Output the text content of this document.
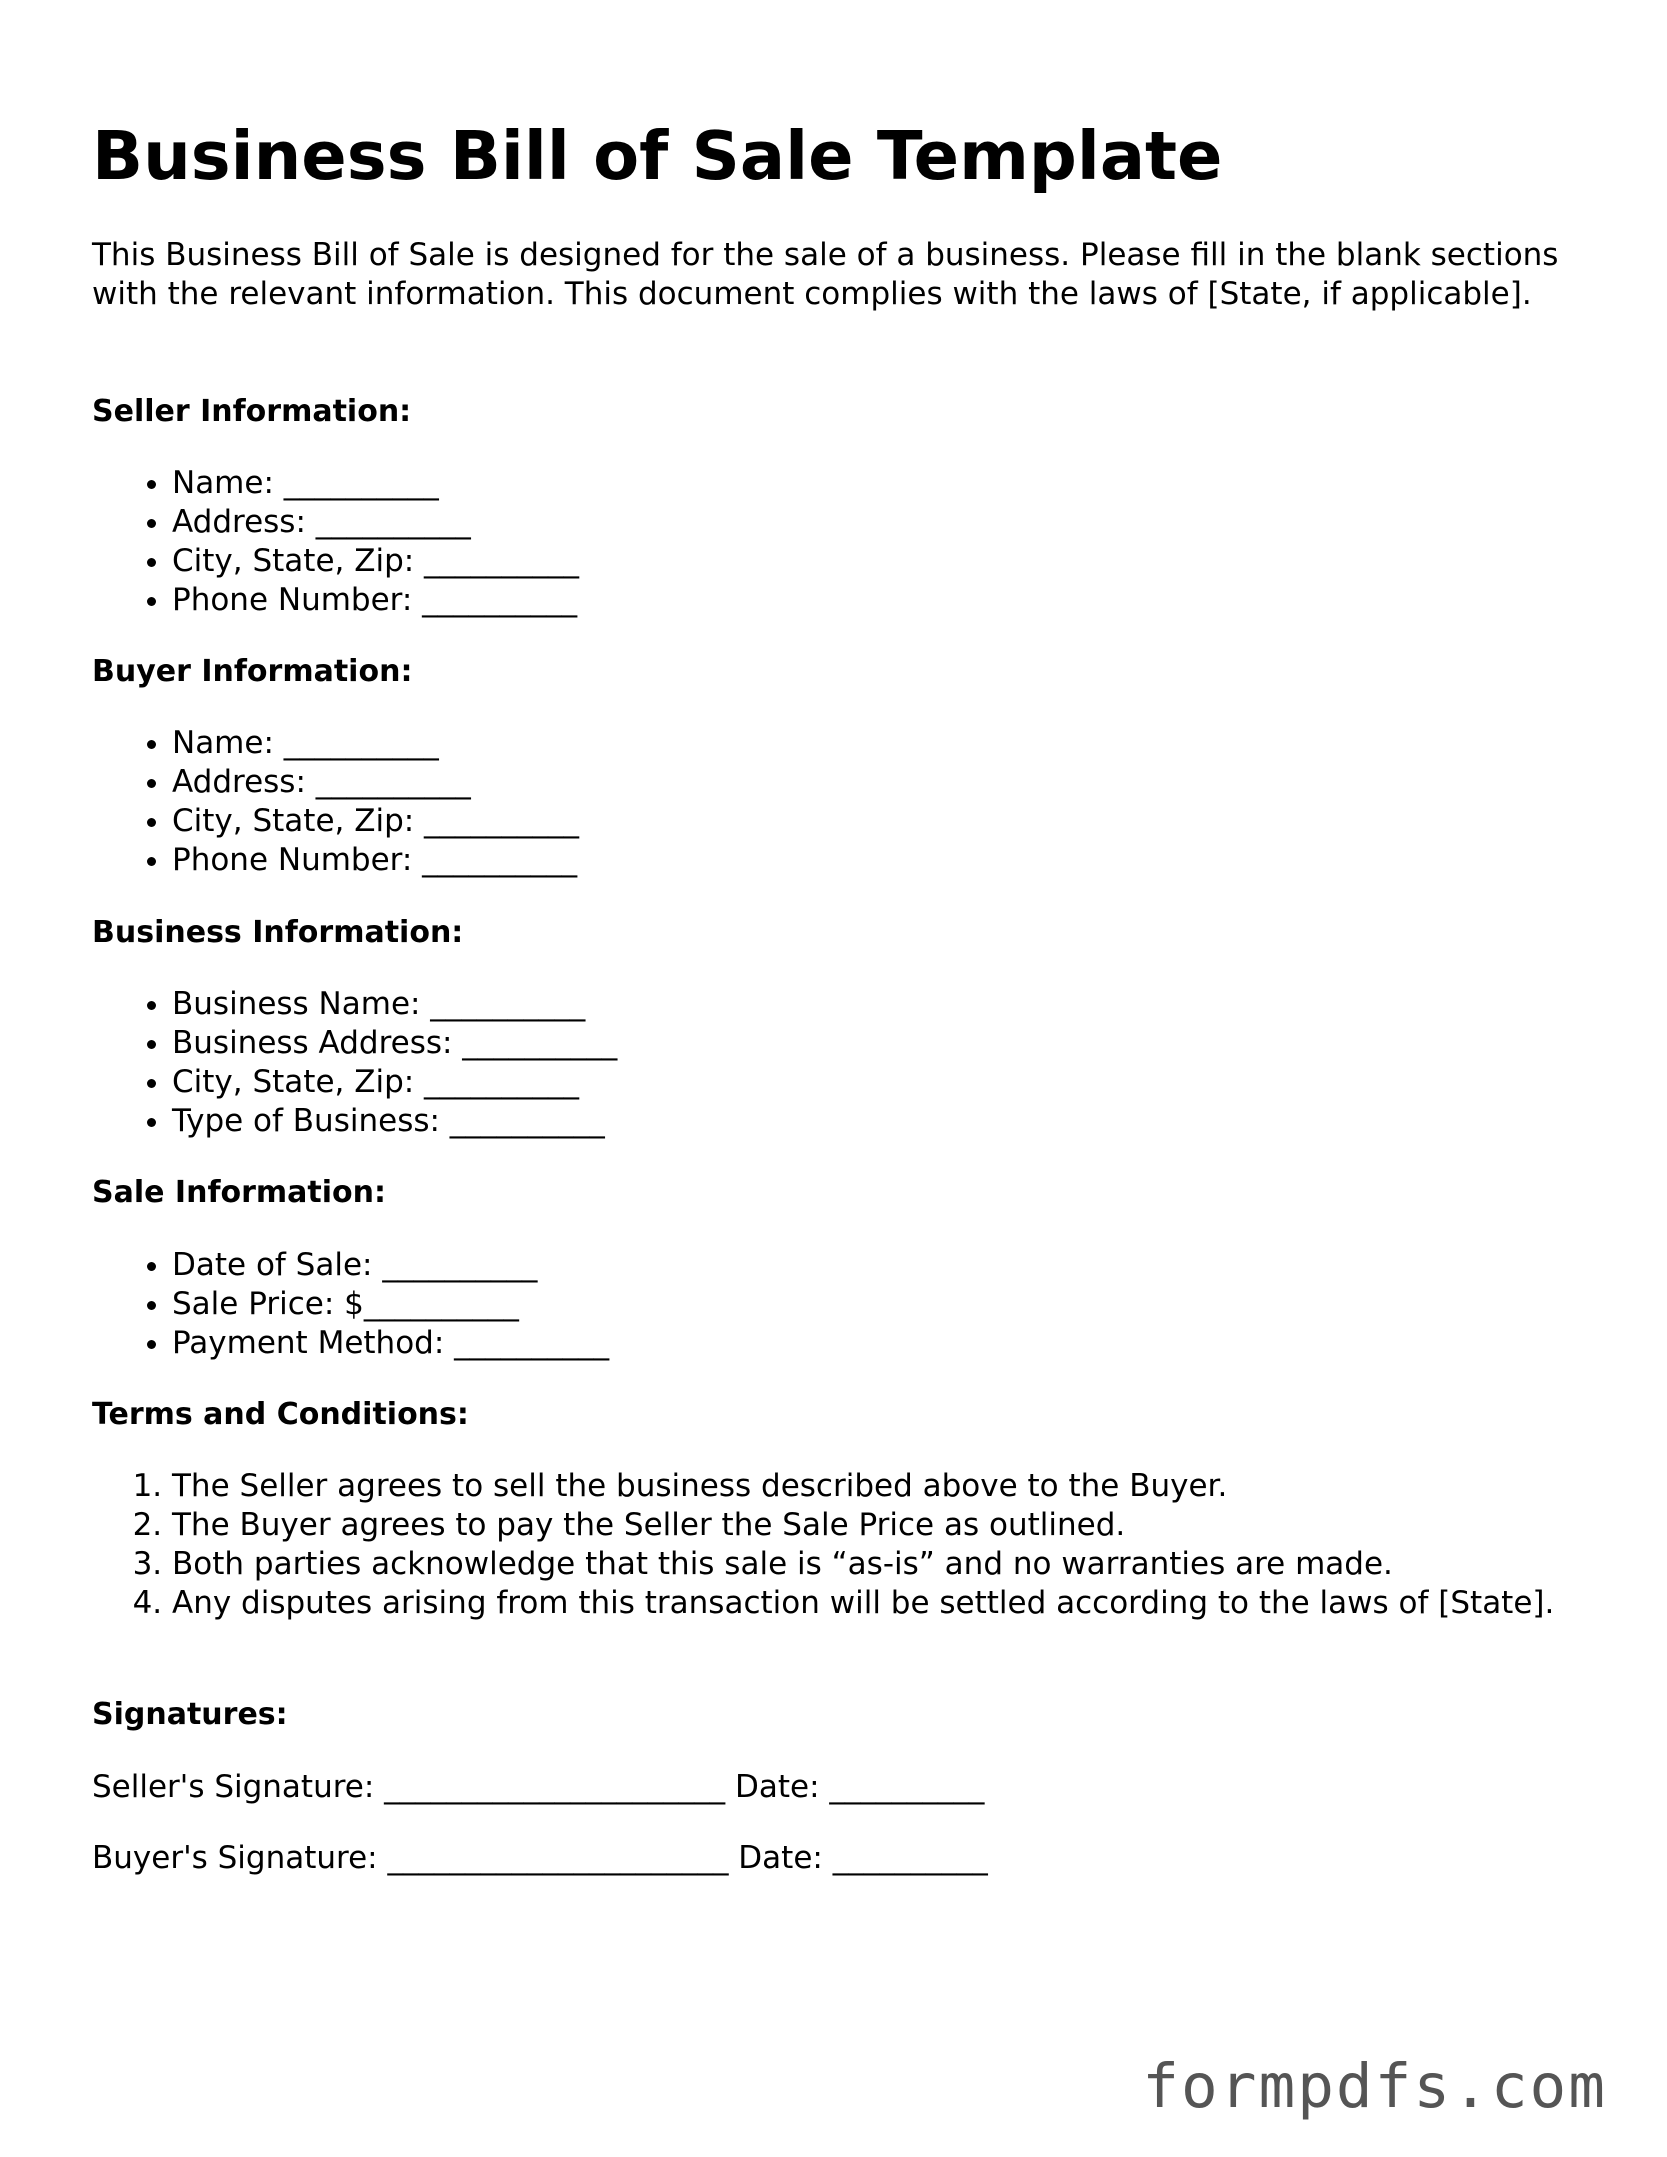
Business Bill of Sale Template

This Business Bill of Sale is designed for the sale of a business. Please fill in the blank sections with the relevant information. This document complies with the laws of [State, if applicable].

Seller Information:

• Name: __________
• Address: __________
• City, State, Zip: __________
• Phone Number: __________

Buyer Information:

• Name: __________
• Address: __________
• City, State, Zip: __________
• Phone Number: __________

Business Information:

• Business Name: __________
• Business Address: __________
• City, State, Zip: __________
• Type of Business: __________

Sale Information:

• Date of Sale: __________
• Sale Price: $__________
• Payment Method: __________

Terms and Conditions:

1. The Seller agrees to sell the business described above to the Buyer.
2. The Buyer agrees to pay the Seller the Sale Price as outlined.
3. Both parties acknowledge that this sale is “as-is” and no warranties are made.
4. Any disputes arising from this transaction will be settled according to the laws of [State].

Signatures:

Seller's Signature: ______________________ Date: __________

Buyer's Signature: ______________________ Date: __________

formpdfs.com
